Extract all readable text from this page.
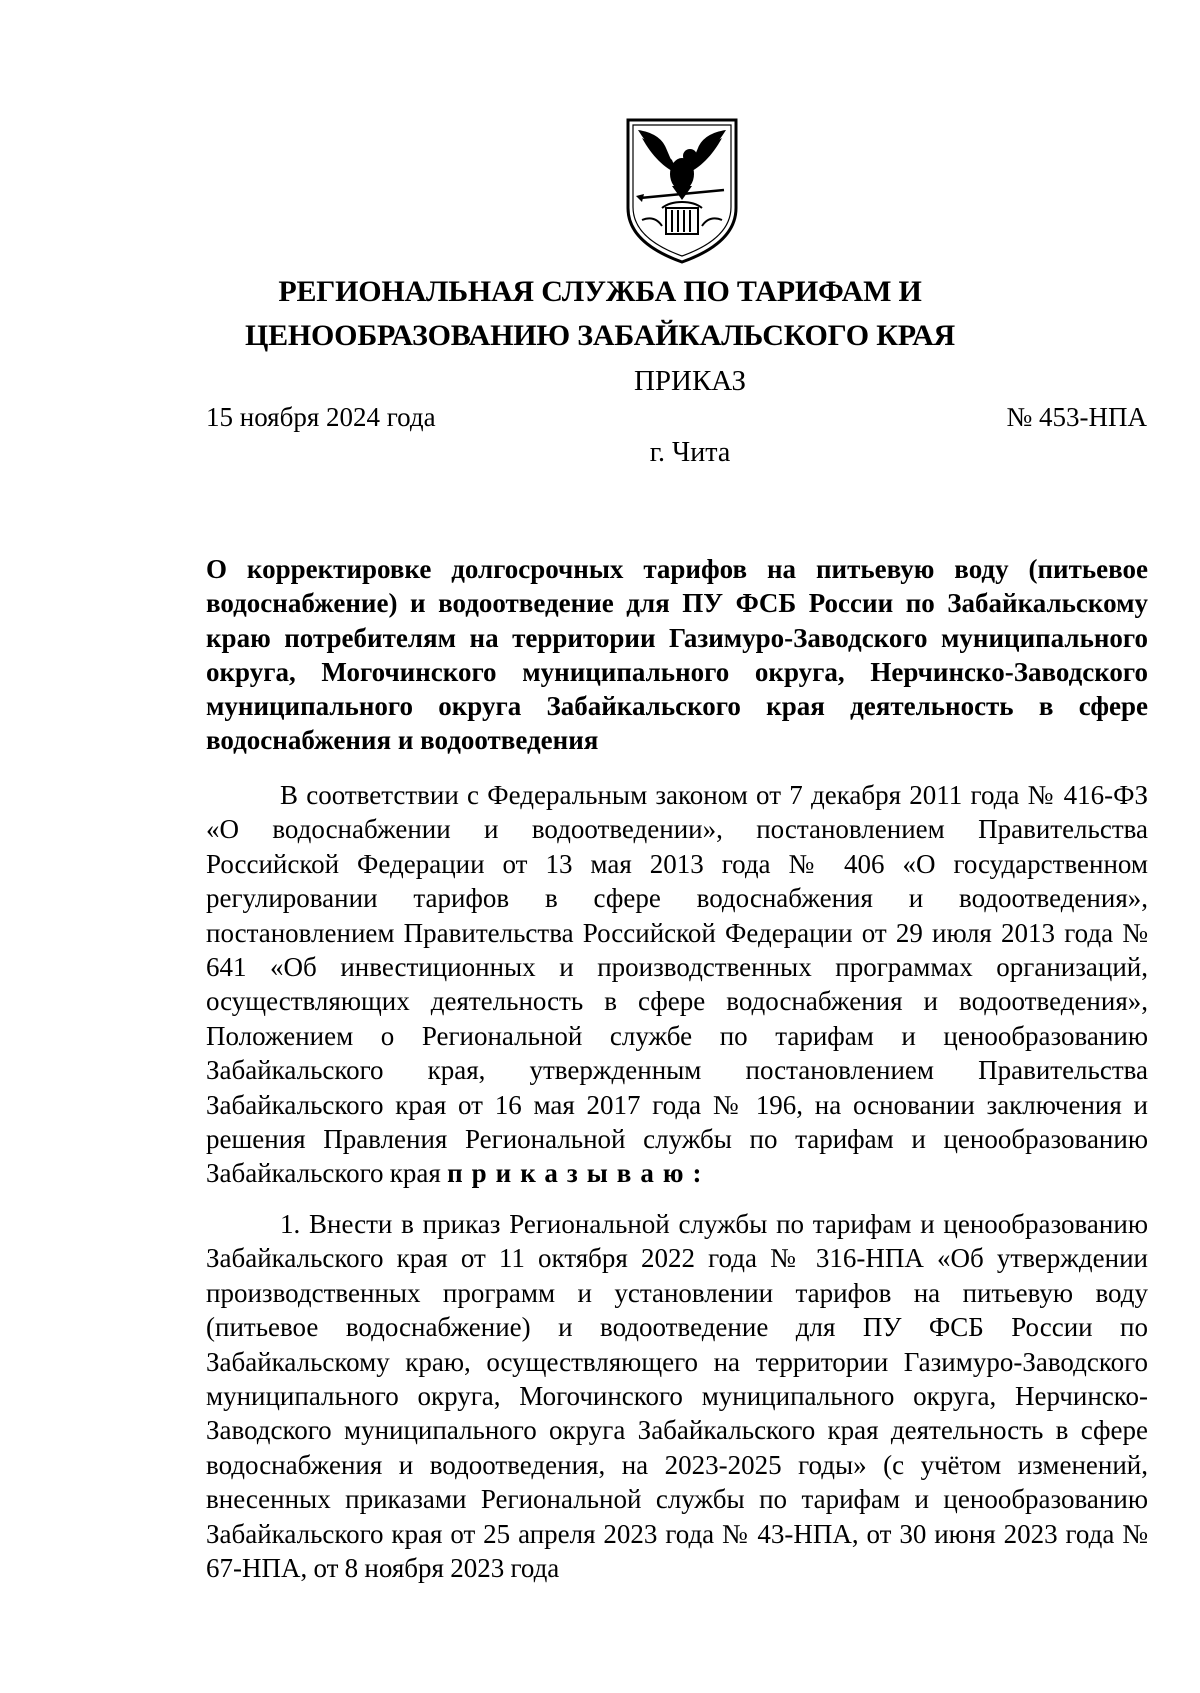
РЕГИОНАЛЬНАЯ СЛУЖБА ПО ТАРИФАМ И
ЦЕНООБРАЗОВАНИЮ ЗАБАЙКАЛЬСКОГО КРАЯ
ПРИКАЗ
15 ноября 2024 года	№ 453-НПА
г. Чита
О корректировке долгосрочных тарифов на питьевую воду (питьевое водоснабжение) и водоотведение для ПУ ФСБ России по Забайкальскому краю потребителям на территории Газимуро-Заводского муниципального округа, Могочинского муниципального округа, Нерчинско-Заводского муниципального округа Забайкальского края деятельность в сфере водоснабжения и водоотведения
В соответствии с Федеральным законом от 7 декабря 2011 года № 416-ФЗ «О водоснабжении и водоотведении», постановлением Правительства Российской Федерации от 13 мая 2013 года № 406 «О государственном регулировании тарифов в сфере водоснабжения и водоотведения», постановлением Правительства Российской Федерации от 29 июля 2013 года № 641 «Об инвестиционных и производственных программах организаций, осуществляющих деятельность в сфере водоснабжения и водоотведения», Положением о Региональной службе по тарифам и ценообразованию Забайкальского края, утвержденным постановлением Правительства Забайкальского края от 16 мая 2017 года № 196, на основании заключения и решения Правления Региональной службы по тарифам и ценообразованию Забайкальского края приказываю:
1. Внести в приказ Региональной службы по тарифам и ценообразованию Забайкальского края от 11 октября 2022 года № 316-НПА «Об утверждении производственных программ и установлении тарифов на питьевую воду (питьевое водоснабжение) и водоотведение для ПУ ФСБ России по Забайкальскому краю, осуществляющего на территории Газимуро-Заводского муниципального округа, Могочинского муниципального округа, Нерчинско-Заводского муниципального округа Забайкальского края деятельность в сфере водоснабжения и водоотведения, на 2023-2025 годы» (с учётом изменений, внесенных приказами Региональной службы по тарифам и ценообразованию Забайкальского края от 25 апреля 2023 года № 43-НПА, от 30 июня 2023 года № 67-НПА, от 8 ноября 2023 года
